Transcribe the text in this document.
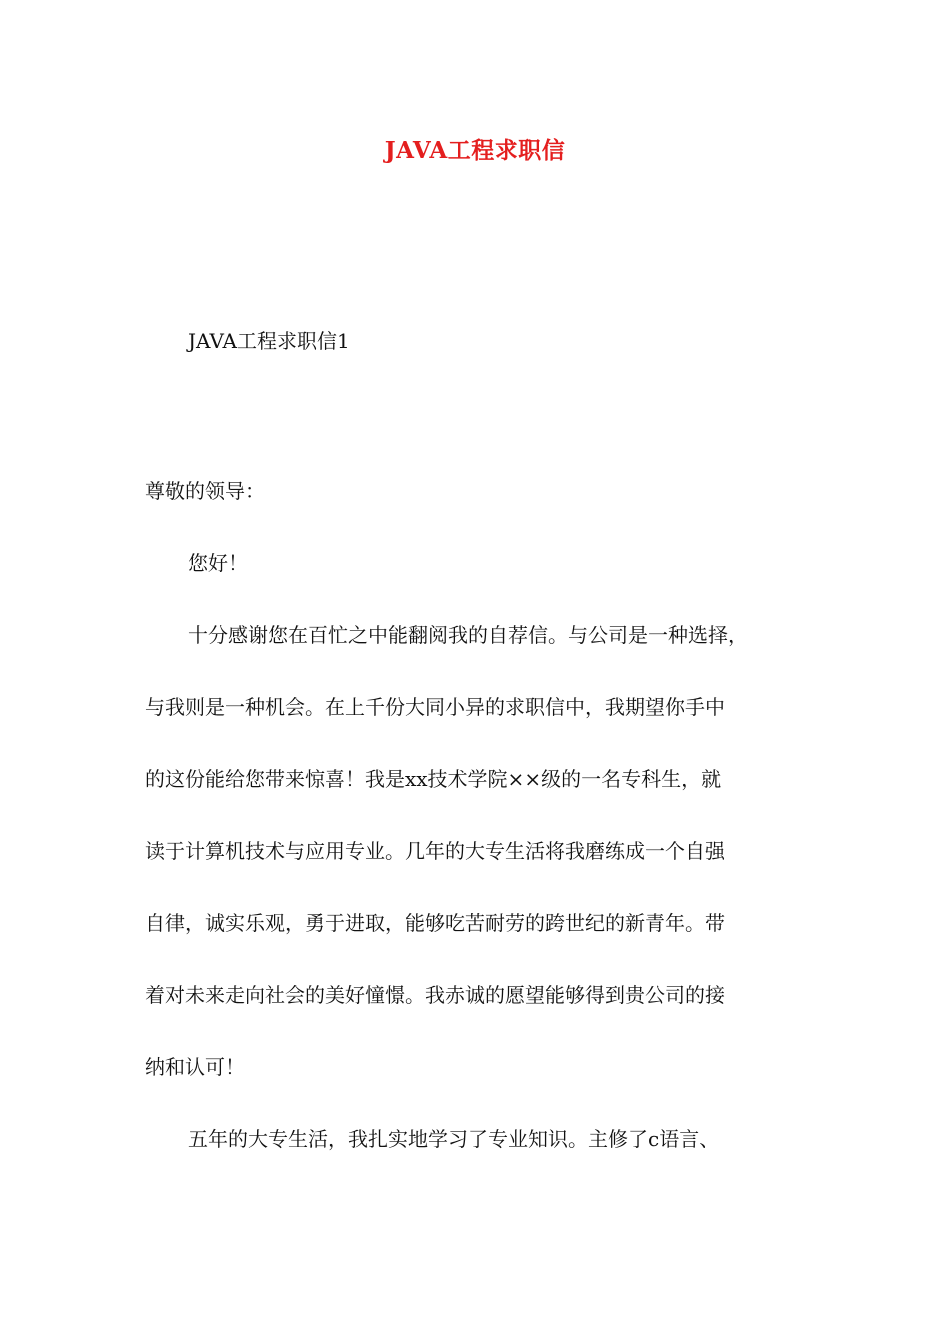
JAVA工程求职信
JAVA工程求职信1
尊敬的领导：
您好！
十分感谢您在百忙之中能翻阅我的自荐信。与公司是一种选择，
与我则是一种机会。在上千份大同小异的求职信中，我期望你手中
的这份能给您带来惊喜！我是xx技术学院××级的一名专科生，就
读于计算机技术与应用专业。几年的大专生活将我磨练成一个自强
自律，诚实乐观，勇于进取，能够吃苦耐劳的跨世纪的新青年。带
着对未来走向社会的美好憧憬。我赤诚的愿望能够得到贵公司的接
纳和认可！
五年的大专生活，我扎实地学习了专业知识。主修了c语言、
